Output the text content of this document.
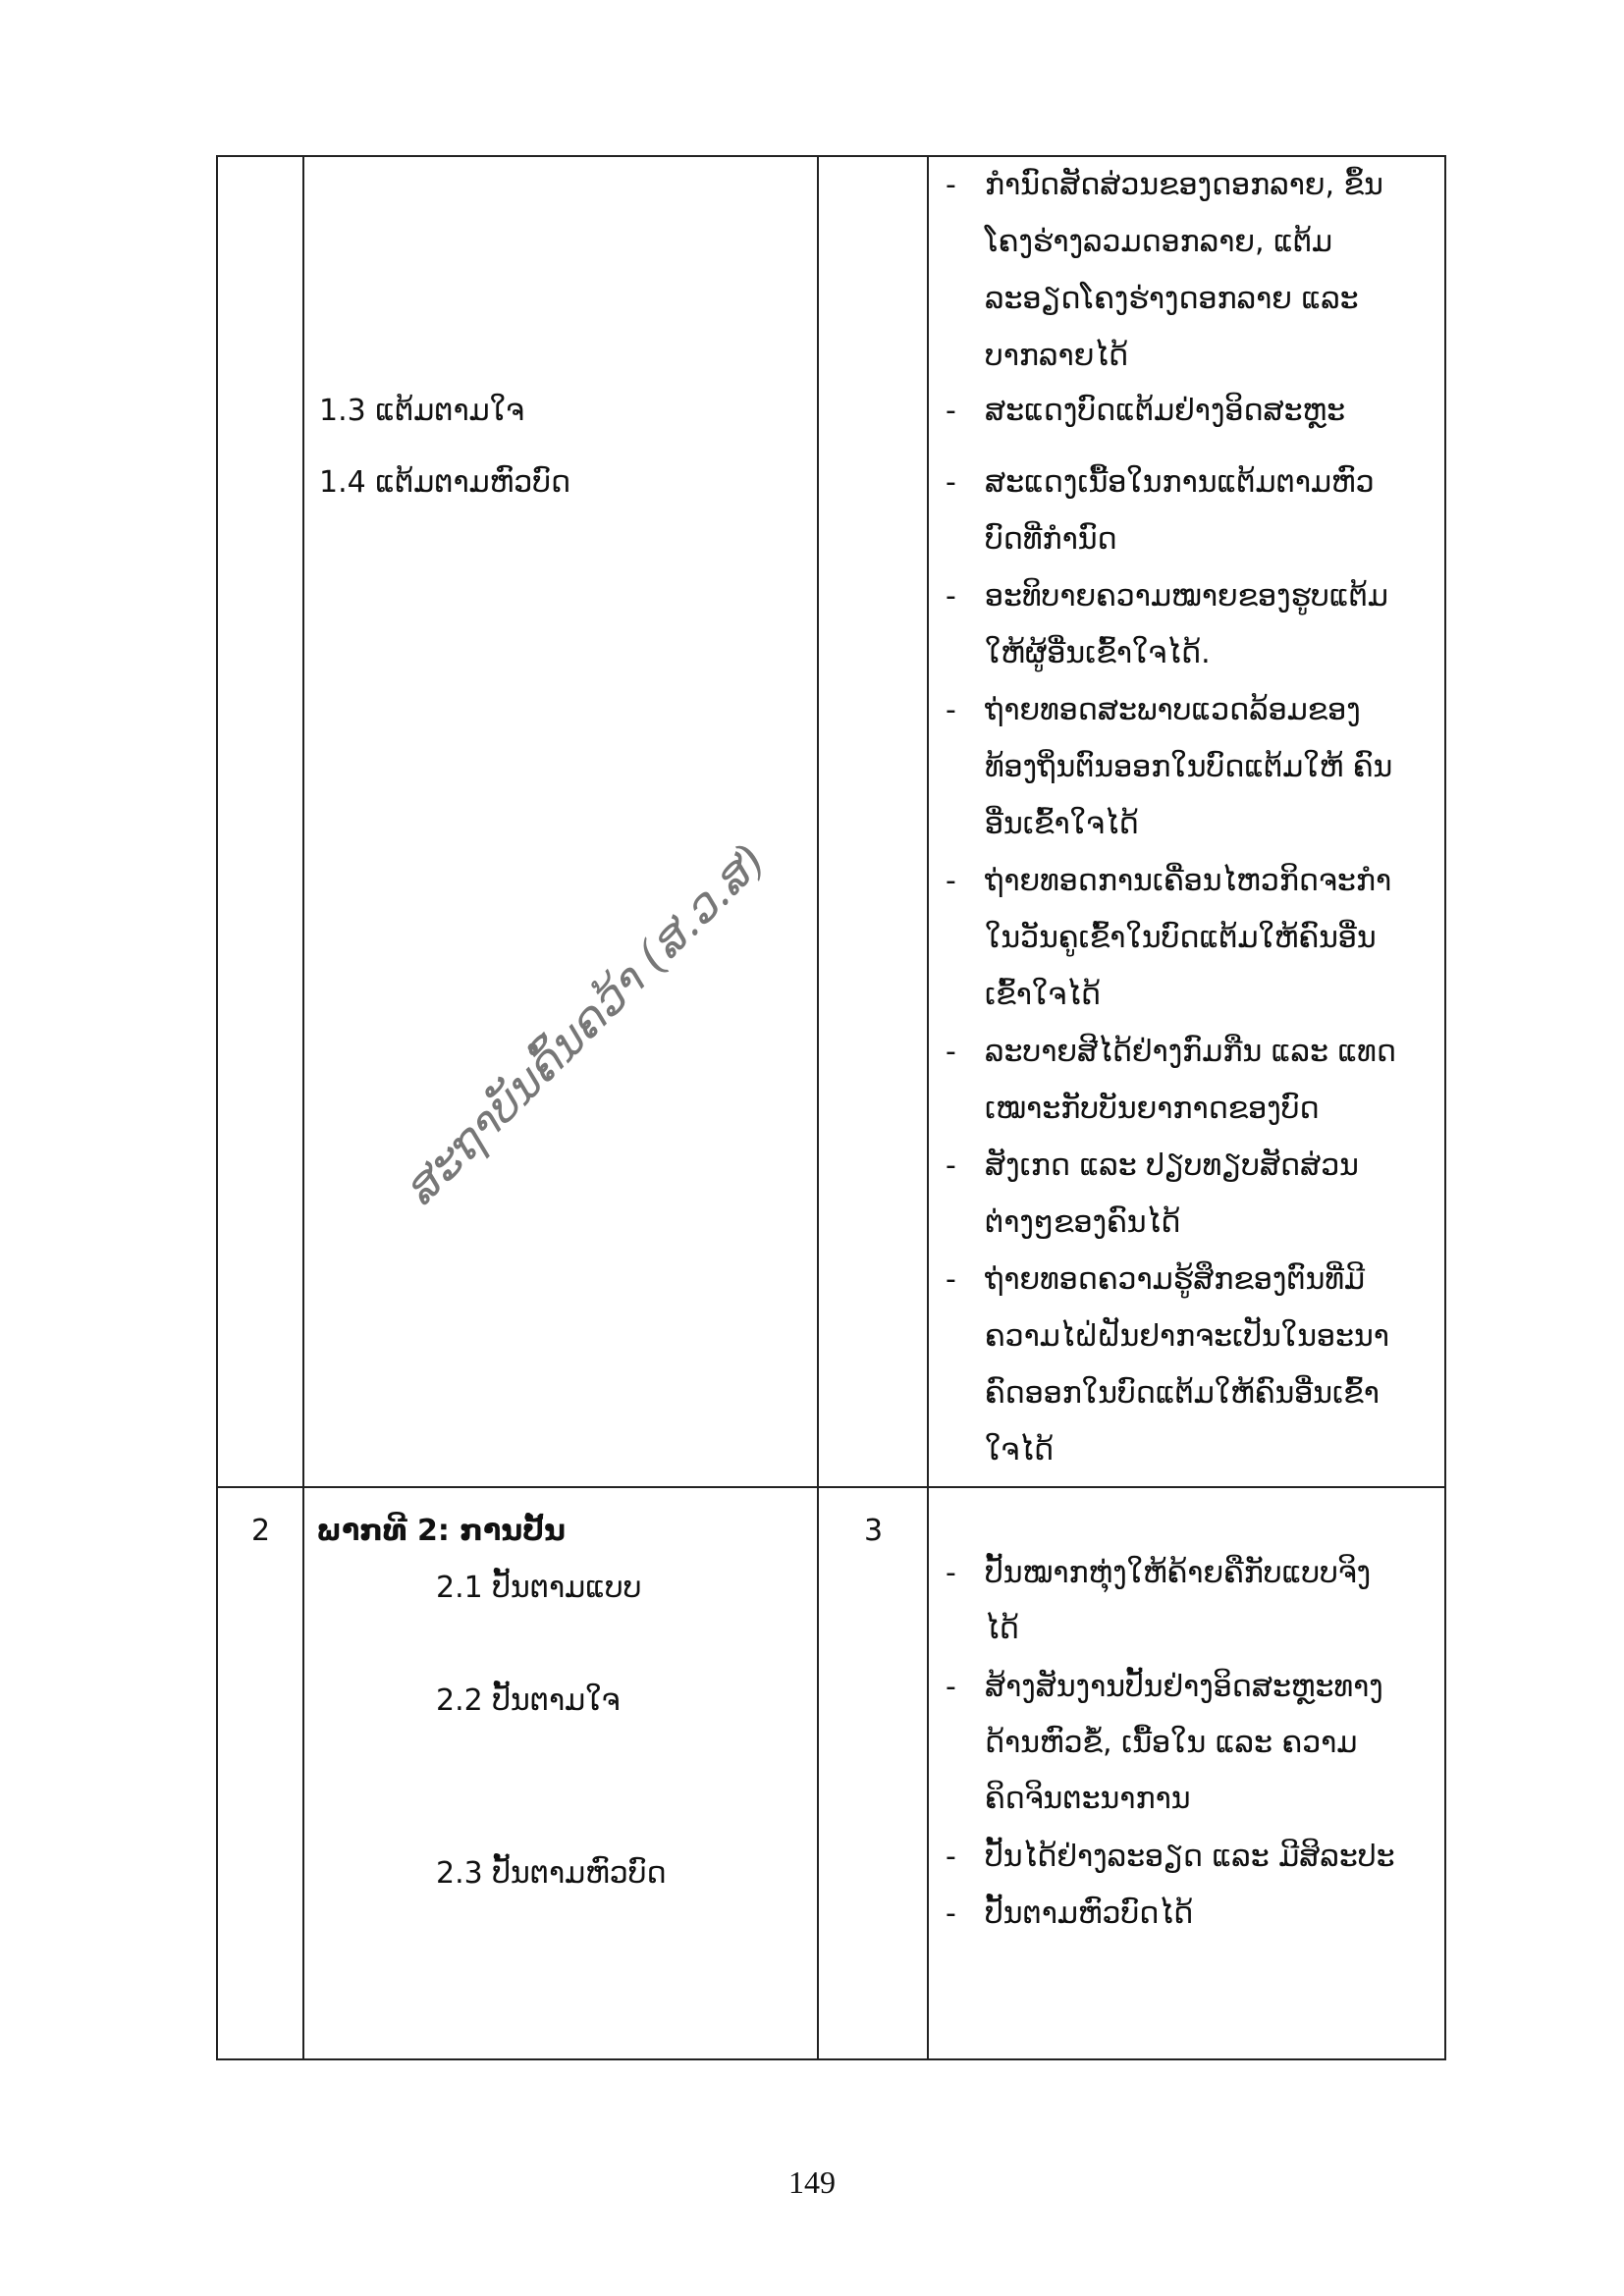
1.3 ແຕ້ມຕາມໃຈ
1.4 ແຕ້ມຕາມຫົວບົດ
- ກໍານົດສັດສ່ວນຂອງດອກລາຍ, ຂຶ້ນ
ໂຄງຮ່າງລວມດອກລາຍ, ແຕ້ມ
ລະອຽດໂຄງຮ່າງດອກລາຍ ແລະ
ບາກລາຍໄດ້
- ສະແດງບົດແຕ້ມຢ່າງອິດສະຫຼະ
- ສະແດງເນື້ອໃນການແຕ້ມຕາມຫົວ
ບົດທີ່ກໍານົດ
- ອະທິບາຍຄວາມໝາຍຂອງຮູບແຕ້ມ
ໃຫ້ຜູ້ອື່ນເຂົ້າໃຈໄດ້.
- ຖ່າຍທອດສະພາບແວດລ້ອມຂອງ
ທ້ອງຖິ່ນຕົນອອກໃນບົດແຕ້ມໃຫ້ ຄົນ
ອື່ນເຂົ້າໃຈໄດ້
- ຖ່າຍທອດການເຄື່ອນໄຫວກິດຈະກໍາ
ໃນວັນຄູເຂົ້າໃນບົດແຕ້ມໃຫ້ຄົນອື່ນ
ເຂົ້າໃຈໄດ້
- ລະບາຍສີໄດ້ຢ່າງກົມກືນ ແລະ ແທດ
ເໝາະກັບບັນຍາກາດຂອງບົດ
- ສັງເກດ ແລະ ປຽບທຽບສັດສ່ວນ
ຕ່າງໆຂອງຄົນໄດ້
- ຖ່າຍທອດຄວາມຮູ້ສຶກຂອງຕົນທີ່ມີ
ຄວາມໄຝ່ຝັນຢາກຈະເປັນໃນອະນາ
ຄົດອອກໃນບົດແຕ້ມໃຫ້ຄົນອື່ນເຂົ້າ
ໃຈໄດ້
2 ພາກທີ 2: ການປັ້ນ	3
2.1 ປັ້ນຕາມແບບ
2.2 ປັ້ນຕາມໃຈ
2.3 ປັ້ນຕາມຫົວບົດ
- ປັ້ນໝາກຫຸ່ງໃຫ້ຄ້າຍຄືກັບແບບຈິງ
ໄດ້
- ສ້າງສັນງານປັ້ນຢ່າງອິດສະຫຼະທາງ
ດ້ານຫົວຂໍ້, ເນື້ອໃນ ແລະ ຄວາມ
ຄິດຈິນຕະນາການ
- ປັ້ນໄດ້ຢ່າງລະອຽດ ແລະ ມີສິລະປະ
- ປັ້ນຕາມຫົວບົດໄດ້
ສະຖາບັນຄົ້ນຄວ້າ (ສ.ວ.ສ)
149
